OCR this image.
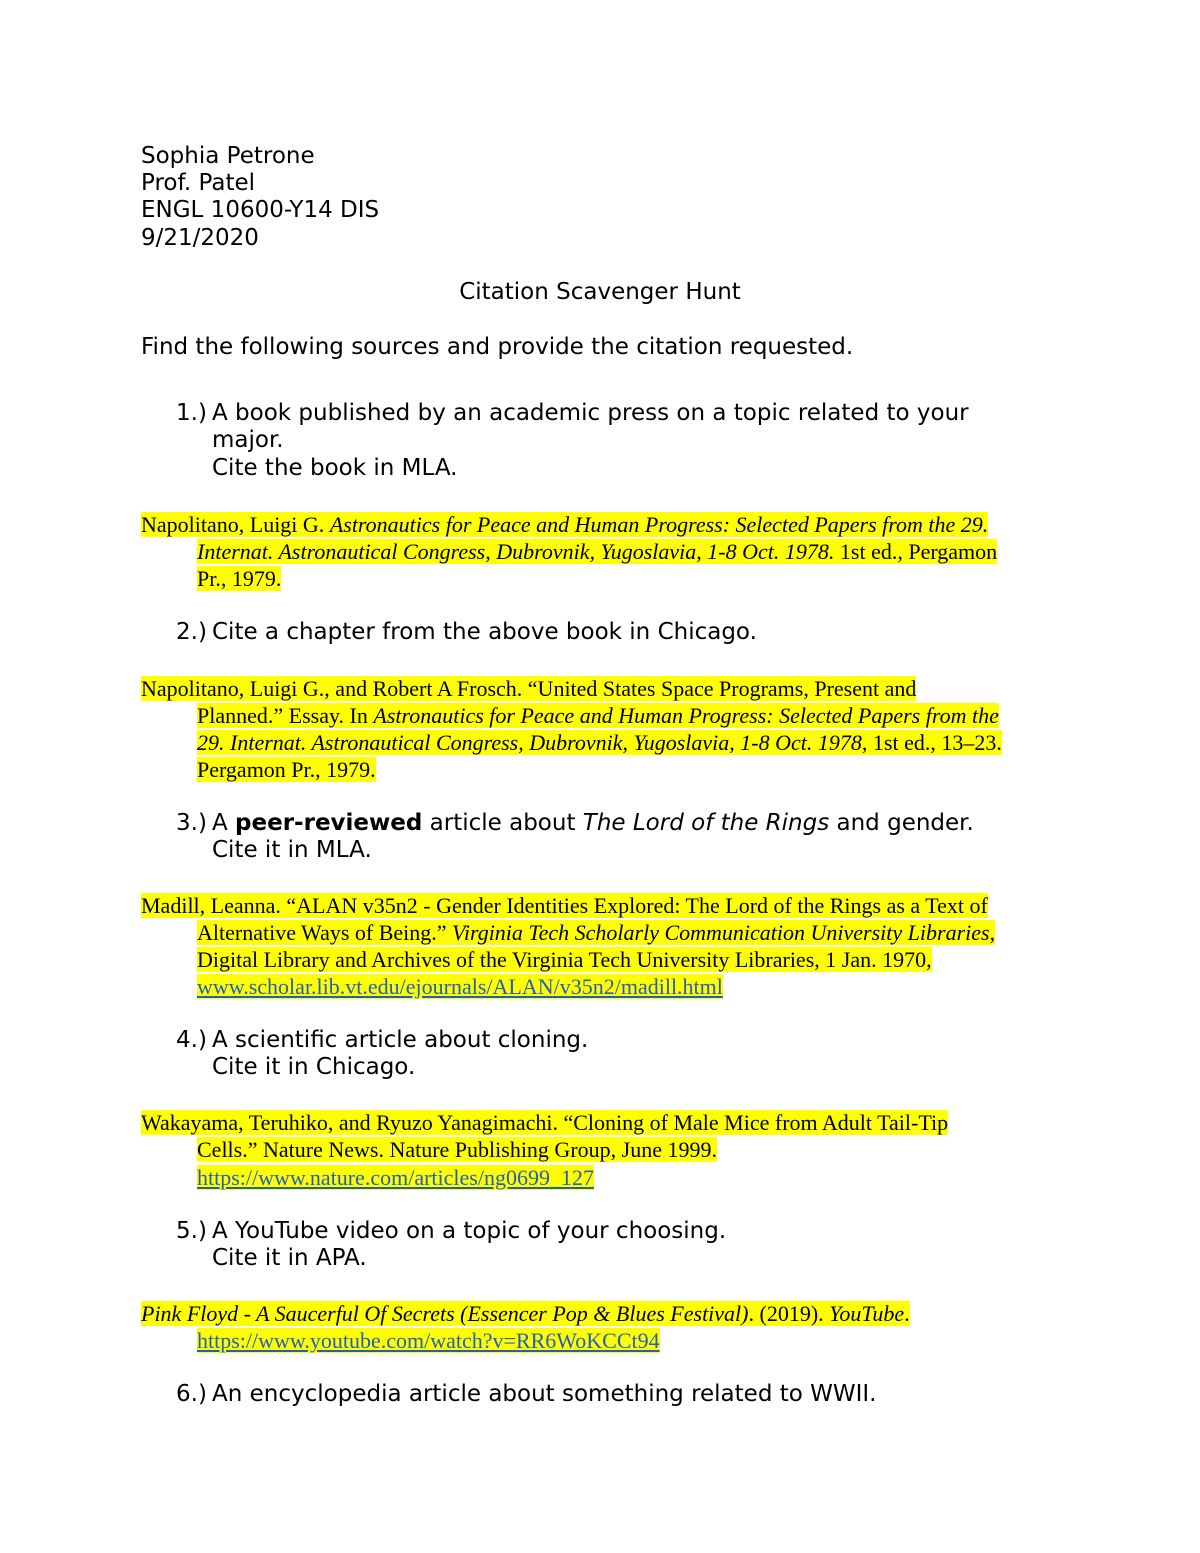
Sophia Petrone
Prof. Patel
ENGL 10600-Y14 DIS
9/21/2020
Citation Scavenger Hunt
Find the following sources and provide the citation requested.
1.) A book published by an academic press on a topic related to your
major.
Cite the book in MLA.
Napolitano, Luigi G. Astronautics for Peace and Human Progress: Selected Papers from the 29.
Internat. Astronautical Congress, Dubrovnik, Yugoslavia, 1-8 Oct. 1978. 1st ed., Pergamon
Pr., 1979.
2.) Cite a chapter from the above book in Chicago.
Napolitano, Luigi G., and Robert A Frosch. “United States Space Programs, Present and
Planned.” Essay. In Astronautics for Peace and Human Progress: Selected Papers from the
29. Internat. Astronautical Congress, Dubrovnik, Yugoslavia, 1-8 Oct. 1978, 1st ed., 13–23.
Pergamon Pr., 1979.
3.) A peer-reviewed article about The Lord of the Rings and gender.
Cite it in MLA.
Madill, Leanna. “ALAN v35n2 - Gender Identities Explored: The Lord of the Rings as a Text of
Alternative Ways of Being.” Virginia Tech Scholarly Communication University Libraries,
Digital Library and Archives of the Virginia Tech University Libraries, 1 Jan. 1970,
www.scholar.lib.vt.edu/ejournals/ALAN/v35n2/madill.html
4.) A scientific article about cloning.
Cite it in Chicago.
Wakayama, Teruhiko, and Ryuzo Yanagimachi. “Cloning of Male Mice from Adult Tail-Tip
Cells.” Nature News. Nature Publishing Group, June 1999.
https://www.nature.com/articles/ng0699_127
5.) A YouTube video on a topic of your choosing.
Cite it in APA.
Pink Floyd - A Saucerful Of Secrets (Essencer Pop & Blues Festival). (2019). YouTube.
https://www.youtube.com/watch?v=RR6WoKCCt94
6.) An encyclopedia article about something related to WWII.
